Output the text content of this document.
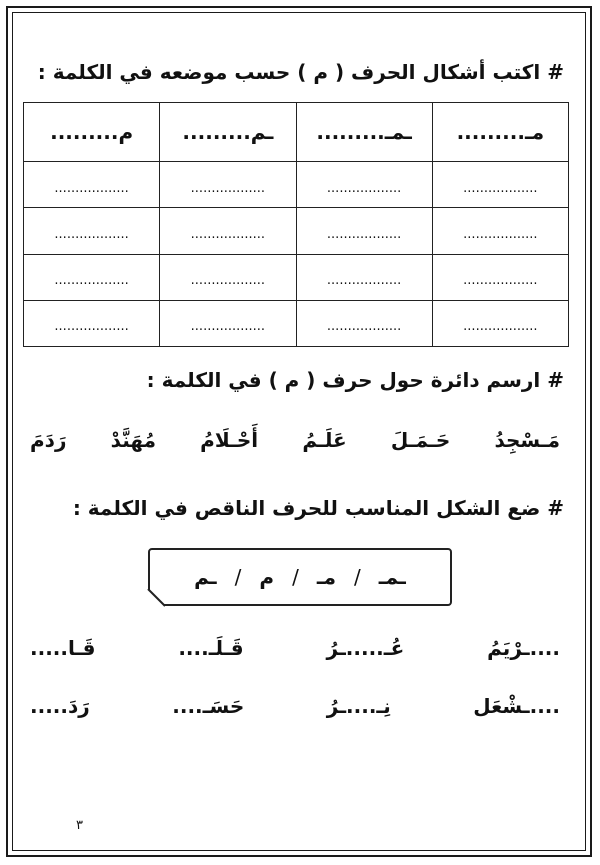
# اكتب أشكال الحرف ( م ) حسب موضعه في الكلمة :
مـ.........	ـمـ.........	ـم.........	م.........
..................	..................	..................	..................
..................	..................	..................	..................
..................	..................	..................	..................
..................	..................	..................	..................
# ارسم دائرة حول حرف ( م ) في الكلمة :
مَـسْجِدُ
حَـمَـلَ
عَلَـمُ
أَحْـلَامُ
مُهَنَّدْ
رَدَمَ
# ضع الشكل المناسب للحرف الناقص في الكلمة :
ـمـ
/
مـ
/
م
/
ـم
....ـرْيَمُ
عُـ.....ـرُ
قَـلَـ....
قَـا.....
....ـشْعَل
نِـ....ـرُ
حَسَـ....
رَدَ.....
٣
